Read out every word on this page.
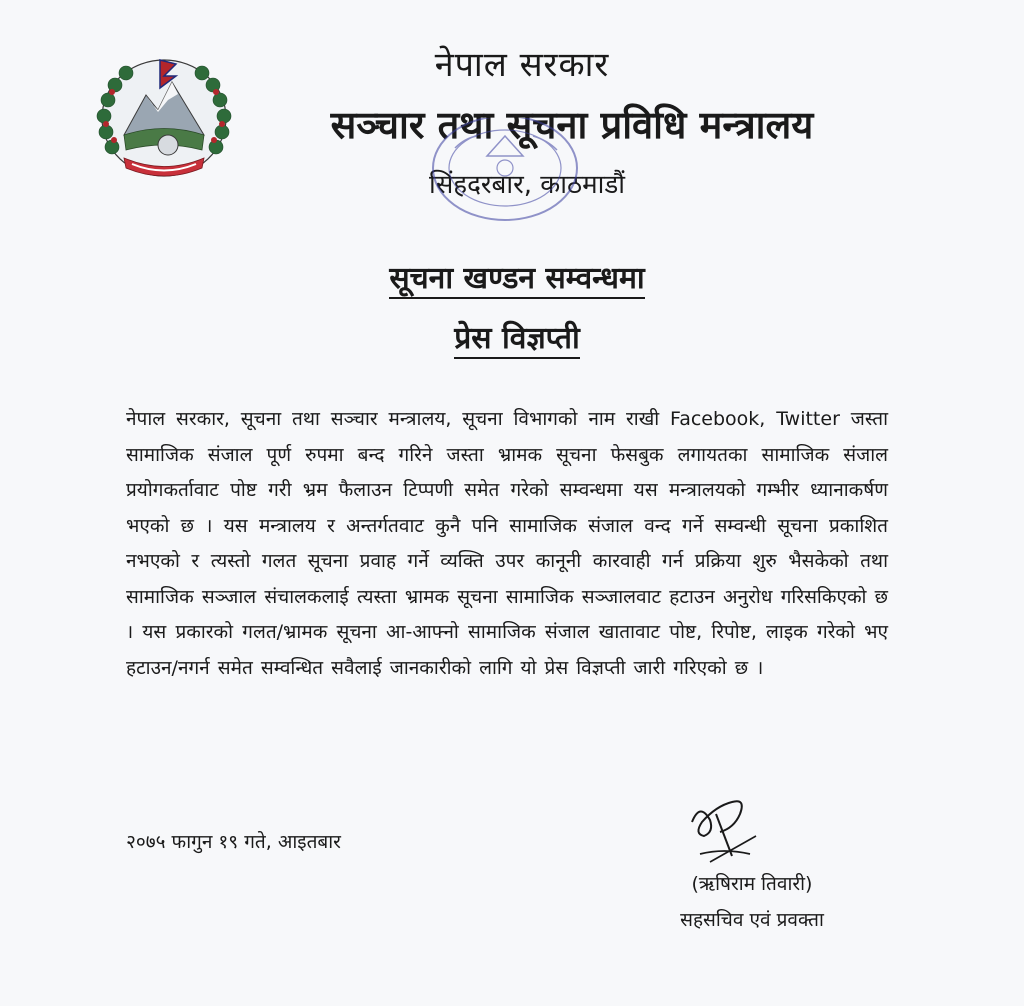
नेपाल सरकार
सञ्चार तथा सूचना प्रविधि मन्त्रालय
सिंहदरबार, काठमाडौं
सूचना खण्डन सम्वन्धमा
प्रेस विज्ञप्ती
नेपाल सरकार, सूचना तथा सञ्चार मन्त्रालय, सूचना विभागको नाम राखी Facebook, Twitter जस्ता सामाजिक संजाल पूर्ण रुपमा बन्द गरिने जस्ता भ्रामक सूचना फेसबुक लगायतका सामाजिक संजाल प्रयोगकर्तावाट पोष्ट गरी भ्रम फैलाउन टिप्पणी समेत गरेको सम्वन्धमा यस मन्त्रालयको गम्भीर ध्यानाकर्षण भएको छ । यस मन्त्रालय र अन्तर्गतवाट कुनै पनि सामाजिक संजाल वन्द गर्ने सम्वन्धी सूचना प्रकाशित नभएको र त्यस्तो गलत सूचना प्रवाह गर्ने व्यक्ति उपर कानूनी कारवाही गर्न प्रक्रिया शुरु भैसकेको तथा सामाजिक सञ्जाल संचालकलाई त्यस्ता भ्रामक सूचना सामाजिक सञ्जालवाट हटाउन अनुरोध गरिसकिएको छ । यस प्रकारको गलत/भ्रामक सूचना आ-आफ्नो सामाजिक संजाल खातावाट पोष्ट, रिपोष्ट, लाइक गरेको भए हटाउन/नगर्न समेत सम्वन्धित सवैलाई जानकारीको लागि यो प्रेस विज्ञप्ती जारी गरिएको छ ।
२०७५ फागुन १९ गते, आइतबार
(ऋषिराम तिवारी)
सहसचिव एवं प्रवक्ता
